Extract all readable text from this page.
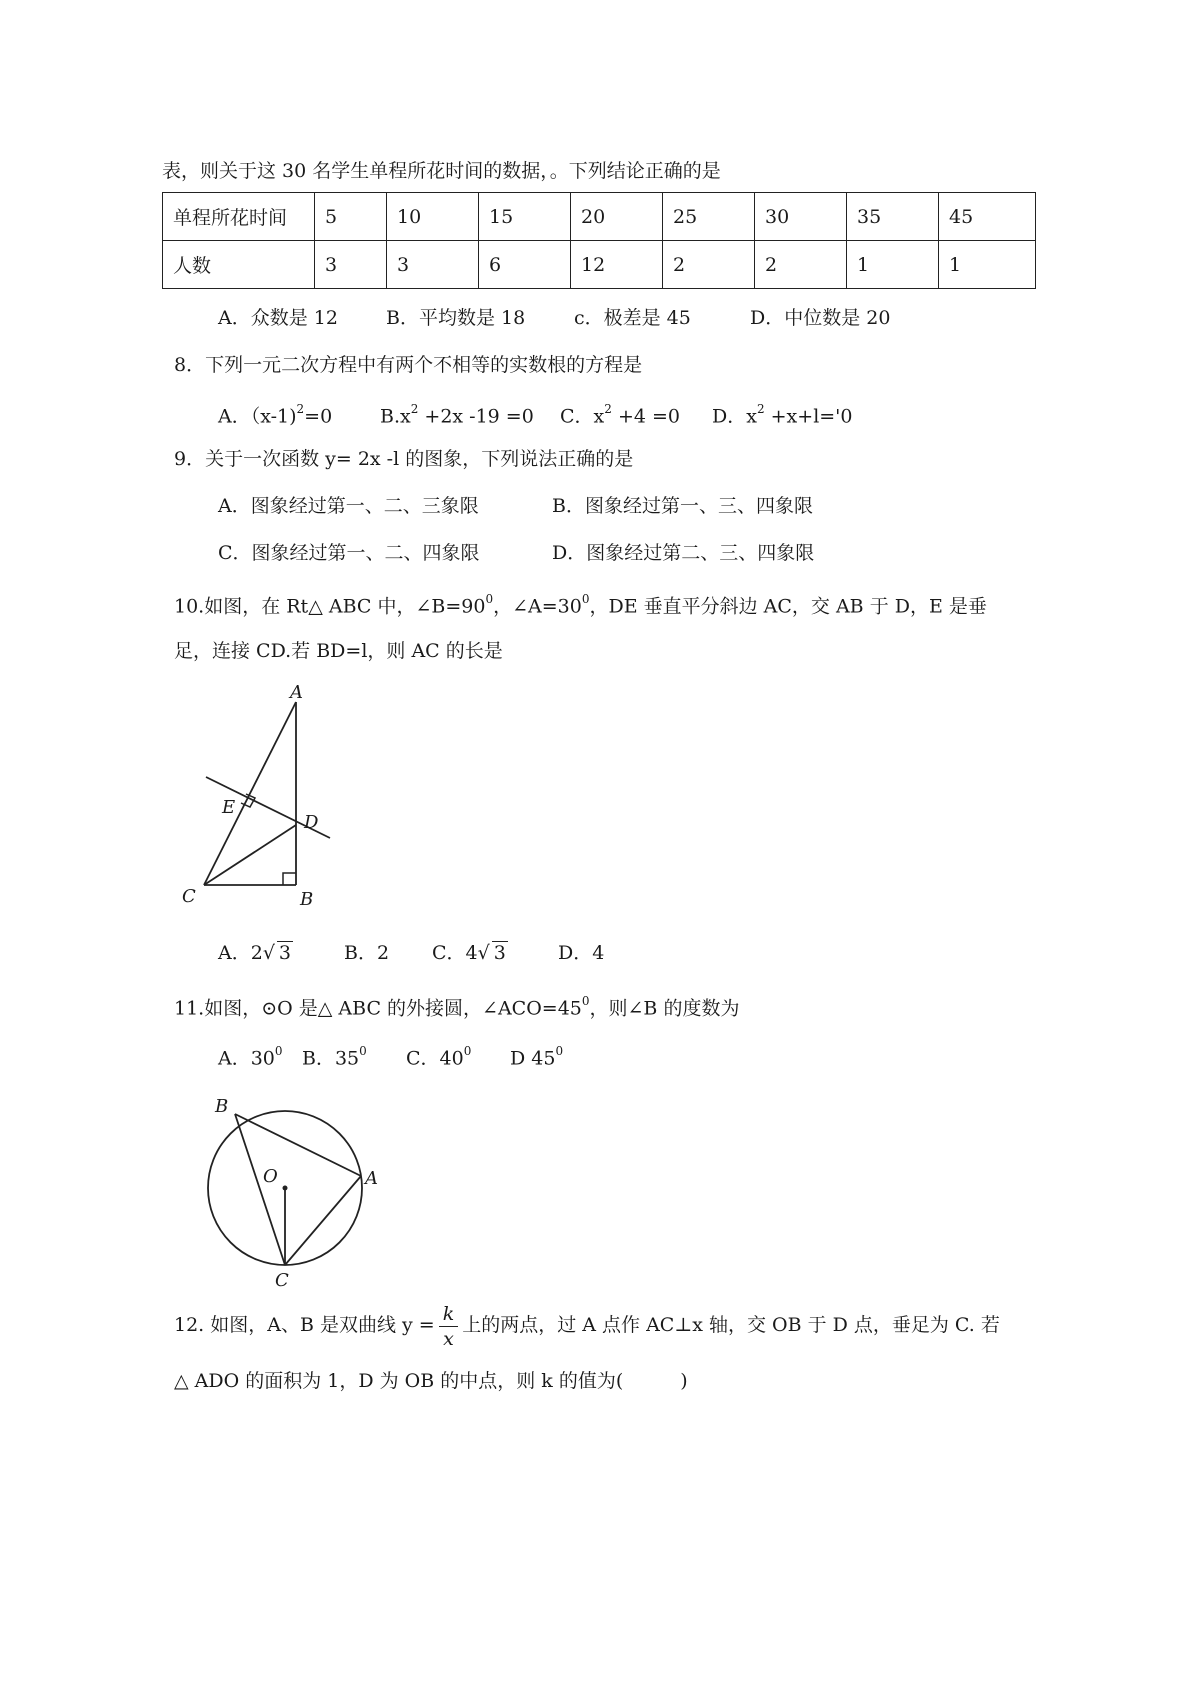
表，则关于这 30 名学生单程所花时间的数据，。下列结论正确的是
单程所花时间	5	10	15	20	25	30	35	45
人数	3	3	6	12	2	2	1	1
A．众数是 12	B．平均数是 18	c．极差是 45	D．中位数是 20
8．下列一元二次方程中有两个不相等的实数根的方程是
A．（x-1)$^2$=0	$B.x^2 +2x$ -19 =0 C．$x^2 +4 =0$ D．$x^2 +x+l='0$
9．关于一次函数 y= 2x -l 的图象，下列说法正确的是
A．图象经过第一、二、三象限	B．图象经过第一、三、四象限
C．图象经过第一、二、四象限	D．图象经过第二、三、四象限
10.如图，在 Rt△ ABC 中，$\angle B=90^0$，$\angle A=30^0$，DE 垂直平分斜边 AC，交 AB 于 D，E 是垂
足，连接 CD.若 BD=l，则 AC 的长是
A
B
C
D
E
A．2√ 3	B．2 C．4√ 3	D．4
11.如图，⊙O 是△ ABC 的外接圆，$\angle ACO=45^0$，则∠B 的度数为
A．$30^0$ B．$35^0$ C．$40^0$ D $45^0$
B
A
C
O
12. 如图，A、B 是双曲线 $y = \frac{k}{x}$ 上的两点，过 A 点作 AC⊥x 轴，交 OB 于 D 点，垂足为 C. 若
△ ADO 的面积为 1，D 为 OB 的中点，则 k 的值为(　　　)
